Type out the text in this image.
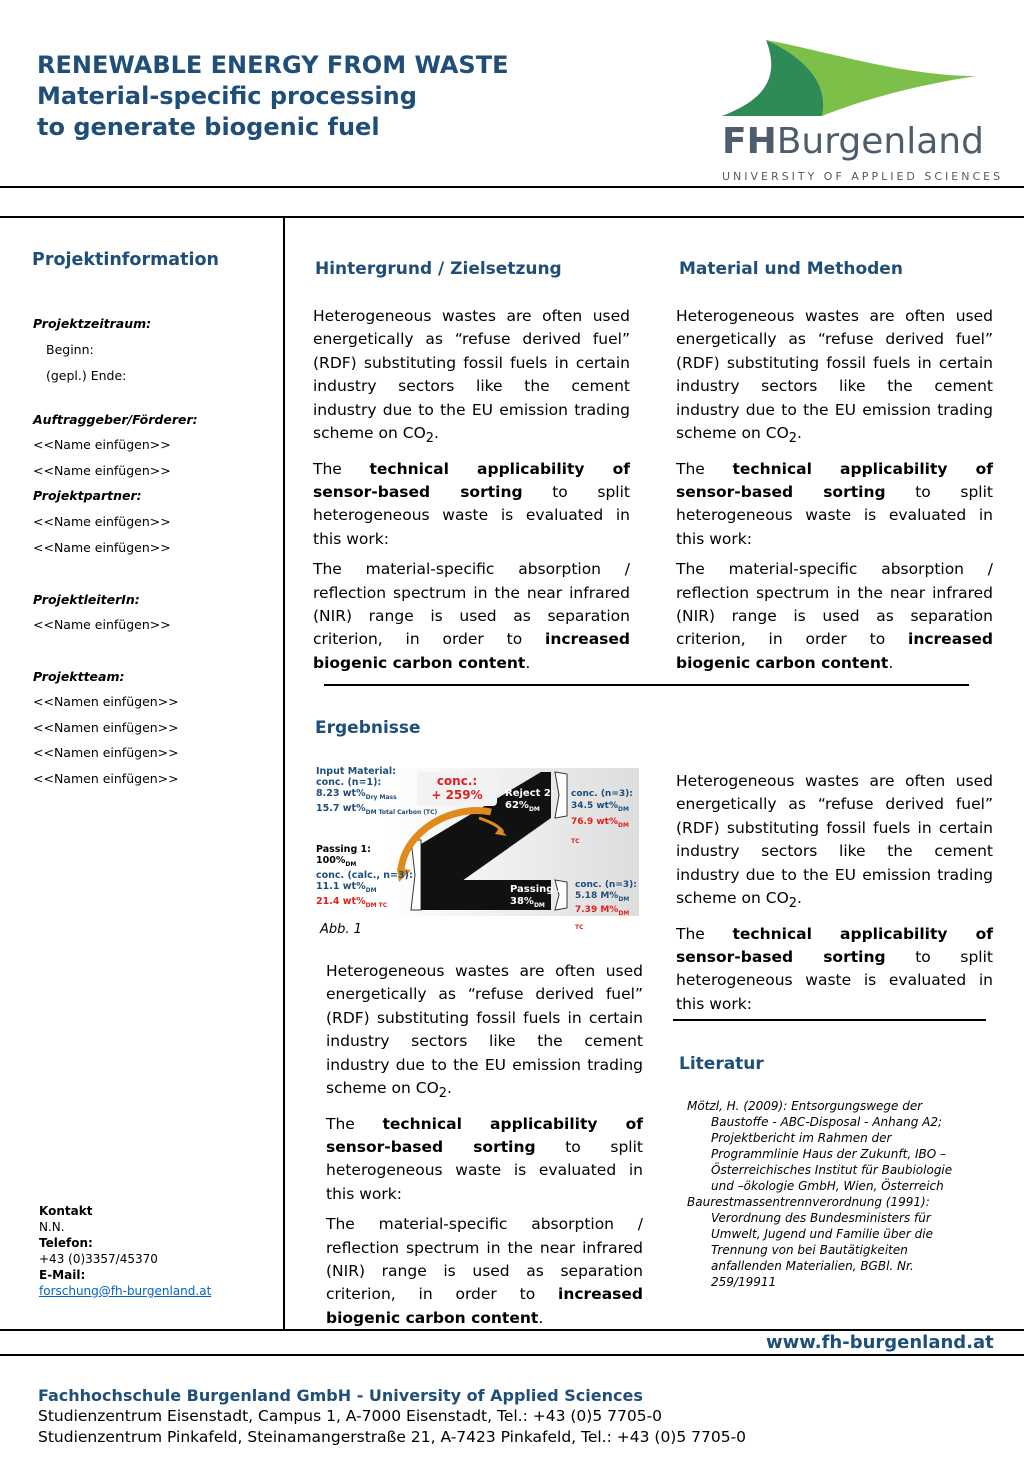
RENEWABLE ENERGY FROM WASTE
Material-specific processing
to generate biogenic fuel	FHBurgenland
UNIVERSITY OF APPLIED SCIENCES
Projektinformation
Projektzeitraum:
Beginn:
(gepl.) Ende:
Auftraggeber/Förderer:
<<Name einfügen>>
<<Name einfügen>>
Projektpartner:
<<Name einfügen>>
<<Name einfügen>>
ProjektleiterIn:
<<Name einfügen>>
Projektteam:
<<Namen einfügen>>
<<Namen einfügen>>
<<Namen einfügen>>
<<Namen einfügen>>
Kontakt
N.N.
Telefon:
+43 (0)3357/45370
E-Mail:
forschung@fh-burgenland.at
Hintergrund / Zielsetzung

Heterogeneous wastes are often used energetically as “refuse derived fuel” (RDF) substituting fossil fuels in certain industry sectors like the cement industry due to the EU emission trading scheme on $CO_2$.

The technical applicability of sensor-based sorting to split heterogeneous waste is evaluated in this work:

The material-specific absorption / reflection spectrum in the near infrared (NIR) range is used as separation criterion, in order to increased biogenic carbon content.

Material und Methoden

Heterogeneous wastes are often used energetically as “refuse derived fuel” (RDF) substituting fossil fuels in certain industry sectors like the cement industry due to the EU emission trading scheme on $CO_2$.

The technical applicability of sensor-based sorting to split heterogeneous waste is evaluated in this work:

The material-specific absorption / reflection spectrum in the near infrared (NIR) range is used as separation criterion, in order to increased biogenic carbon content.

Ergebnisse
Input Material:
conc. (n=1):
8.23 $wt\%_{Dry Mass}$
15.7 $wt\%_{DM Total Carbon (TC)}$
conc.:
+ 259%	Reject 2:
$62\%_{DM}$
conc. (n=3):
34.5 $wt\%_{DM}$
76.9 $wt\%_{DM TC}$
Passing 1:
$100\%_{DM}$
conc. (calc., n=3):
11.1 $wt\%_{DM}$
21.4 $wt\%_{DM TC}$
Passing 2
$38\%_{DM}$
conc. (n=3):
5.18 $M\%_{DM}$
7.39 $M\%_{DM TC}$
Abb. 1

Heterogeneous wastes are often used energetically as “refuse derived fuel” (RDF) substituting fossil fuels in certain industry sectors like the cement industry due to the EU emission trading scheme on $CO_2$.

The technical applicability of sensor-based sorting to split heterogeneous waste is evaluated in this work:

The material-specific absorption / reflection spectrum in the near infrared (NIR) range is used as separation criterion, in order to increased biogenic carbon content.

Heterogeneous wastes are often used energetically as “refuse derived fuel” (RDF) substituting fossil fuels in certain industry sectors like the cement industry due to the EU emission trading scheme on $CO_2$.

The technical applicability of sensor-based sorting to split heterogeneous waste is evaluated in this work:

Literatur
Mötzl, H. (2009): Entsorgungswege der Baustoffe - ABC-Disposal - Anhang A2; Projektbericht im Rahmen der Programmlinie Haus der Zukunft, IBO – Österreichisches Institut für Baubiologie und –ökologie GmbH, Wien, Österreich
Baurestmassentrennverordnung (1991): Verordnung des Bundesministers für Umwelt, Jugend und Familie über die Trennung von bei Bautätigkeiten anfallenden Materialien, BGBl. Nr. 259/19911
www.fh-burgenland.at
Fachhochschule Burgenland GmbH - University of Applied Sciences
Studienzentrum Eisenstadt, Campus 1, A-7000 Eisenstadt, Tel.: +43 (0)5 7705-0
Studienzentrum Pinkafeld, Steinamangerstraße 21, A-7423 Pinkafeld, Tel.: +43 (0)5 7705-0
